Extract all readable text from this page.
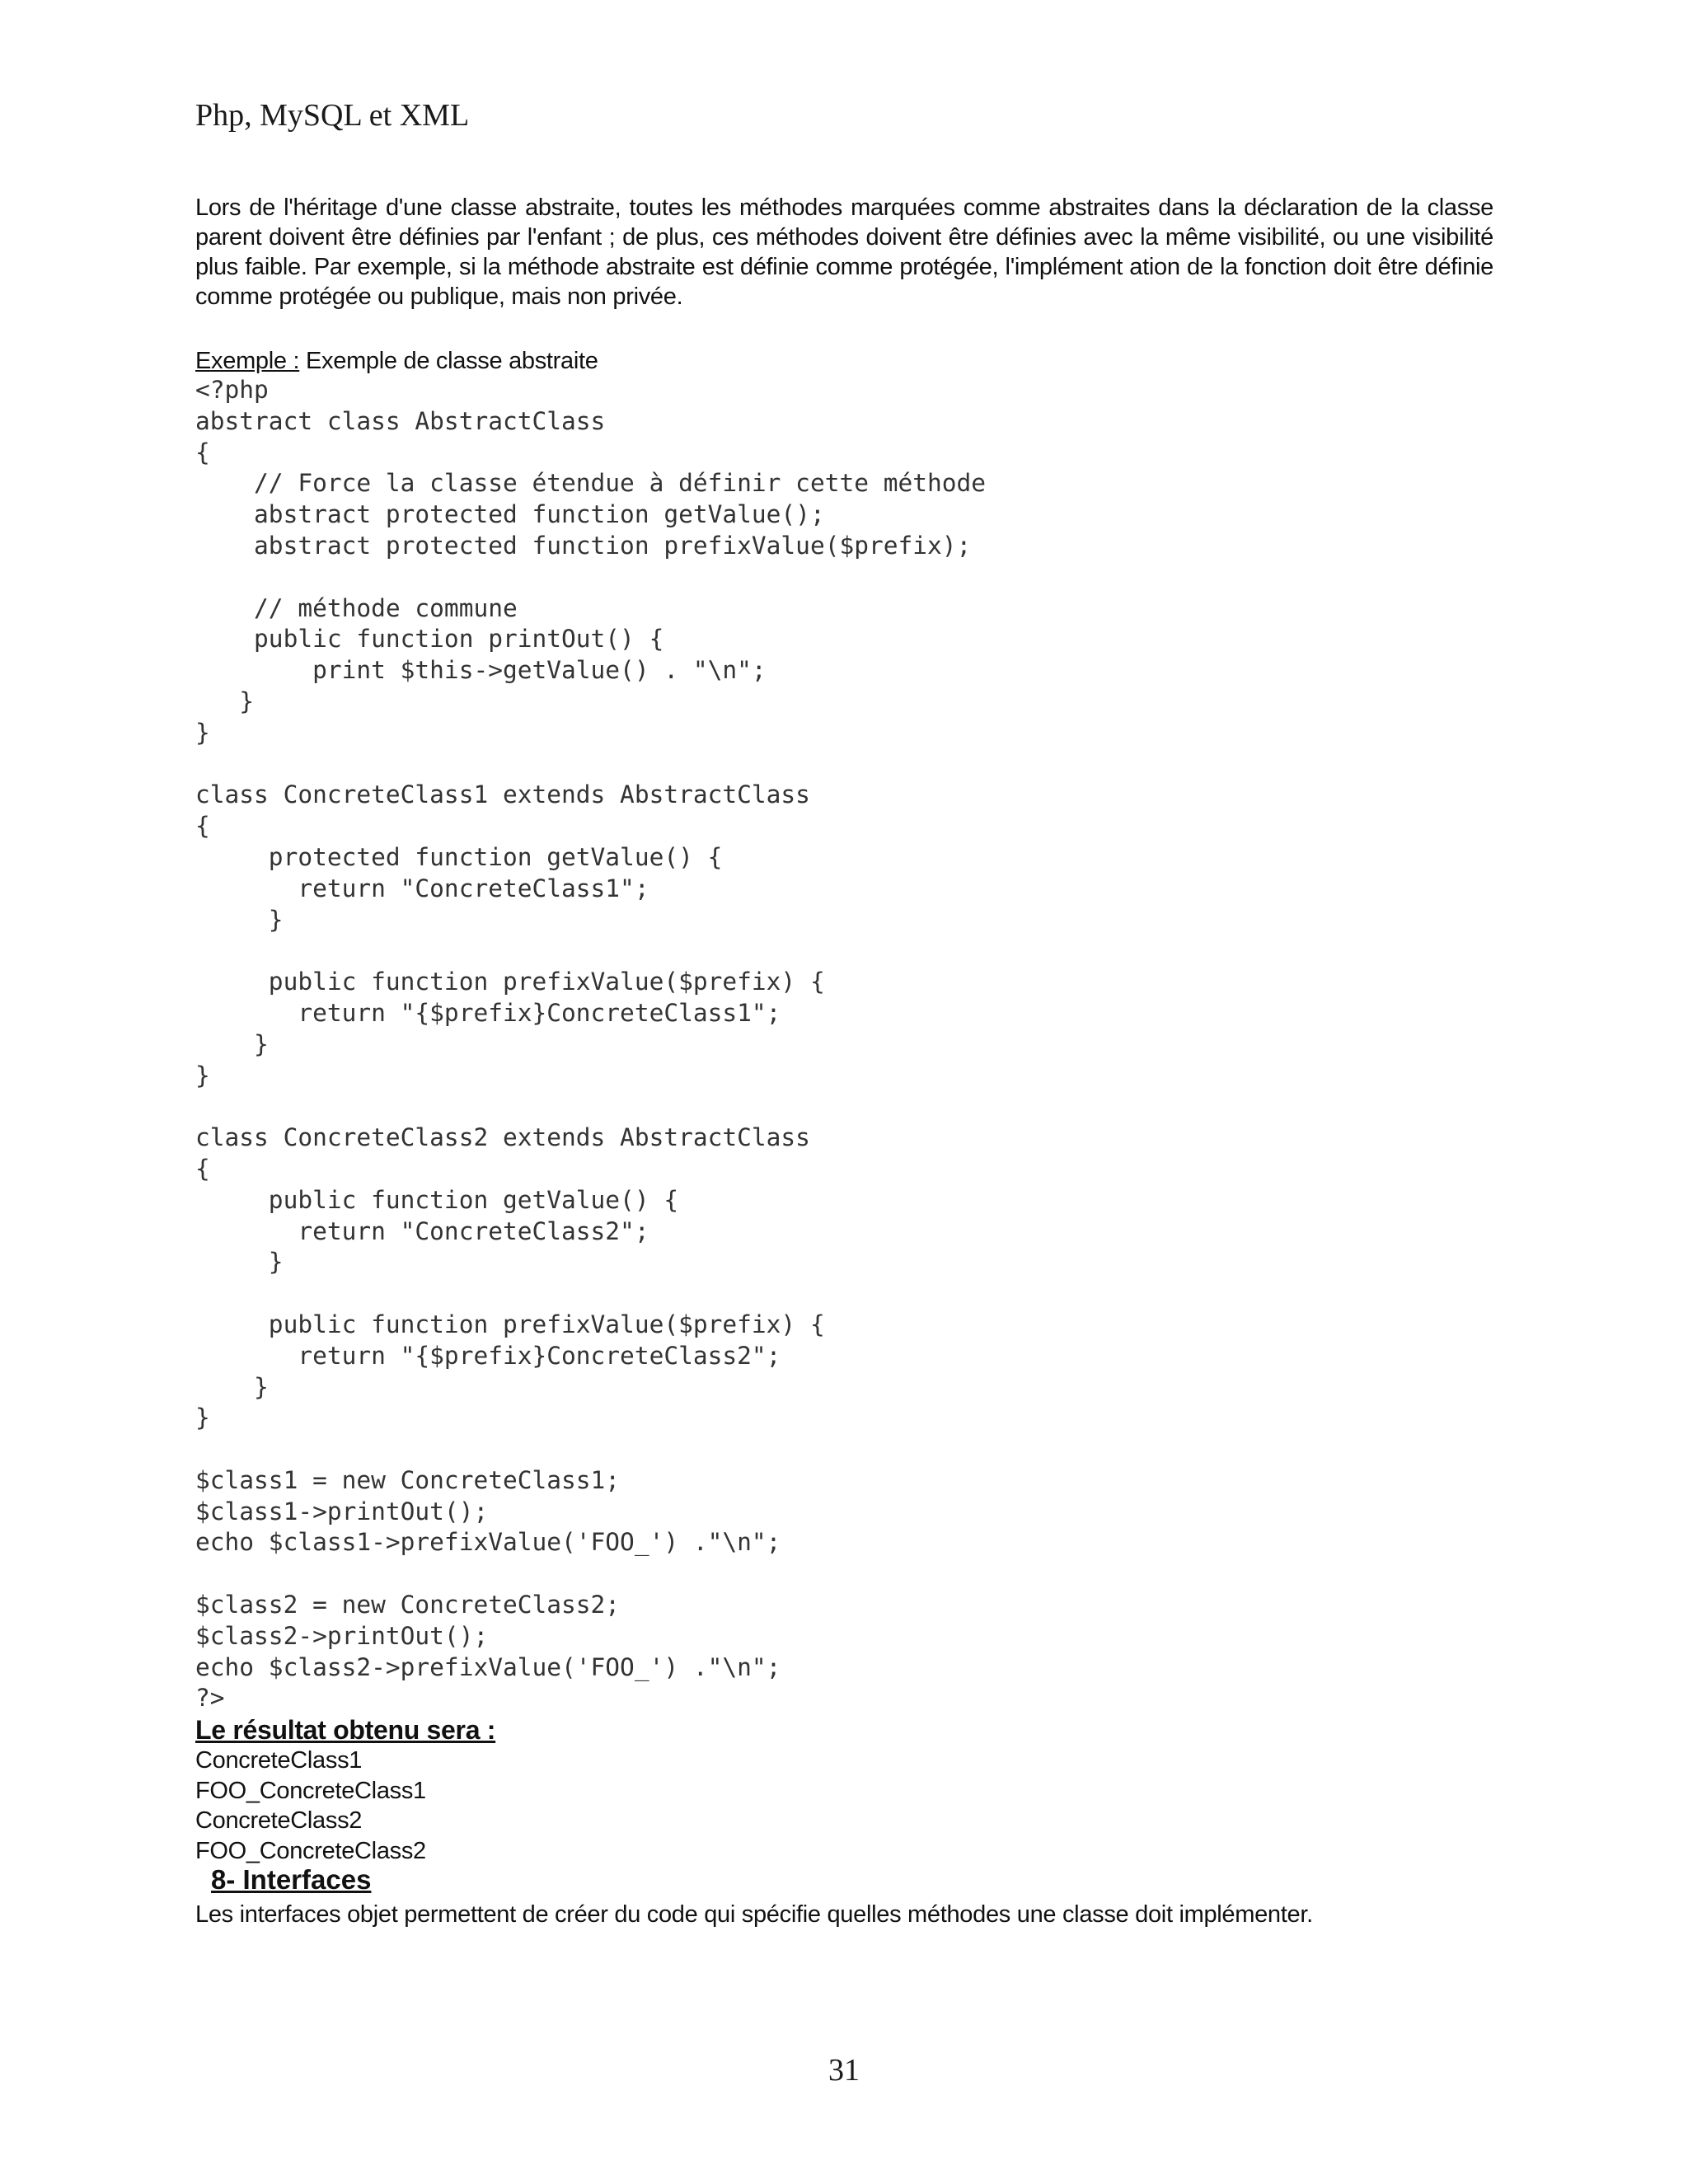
Php, MySQL et XML

Lors de l'héritage d'une classe abstraite, toutes les méthodes marquées comme abstraites dans la déclaration de la classe parent doivent être définies par l'enfant ; de plus, ces méthodes doivent être définies avec la même visibilité, ou une visibilité plus faible. Par exemple, si la méthode abstraite est définie comme protégée, l'implément ation de la fonction doit être définie comme protégée ou publique, mais non privée.

Exemple : Exemple de classe abstraite
<?php
abstract class AbstractClass
{
// Force la classe étendue à définir cette méthode
abstract protected function getValue();
abstract protected function prefixValue($prefix);
// méthode commune
public function printOut() {
print $this->getValue() . "\n";
}
}
class ConcreteClass1 extends AbstractClass
{
protected function getValue() {
return "ConcreteClass1";
}
public function prefixValue($prefix) {
return "{$prefix}ConcreteClass1";
}
}
class ConcreteClass2 extends AbstractClass
{
public function getValue() {
return "ConcreteClass2";
}
public function prefixValue($prefix) {
return "{$prefix}ConcreteClass2";
}
}
$class1 = new ConcreteClass1;
$class1->printOut();
echo $class1->prefixValue('FOO_') ."\n";
$class2 = new ConcreteClass2;
$class2->printOut();
echo $class2->prefixValue('FOO_') ."\n";
?>
Le résultat obtenu sera :
ConcreteClass1
FOO_ConcreteClass1
ConcreteClass2
FOO_ConcreteClass2
8- Interfaces
Les interfaces objet permettent de créer du code qui spécifie quelles méthodes une classe doit implémenter.
31
